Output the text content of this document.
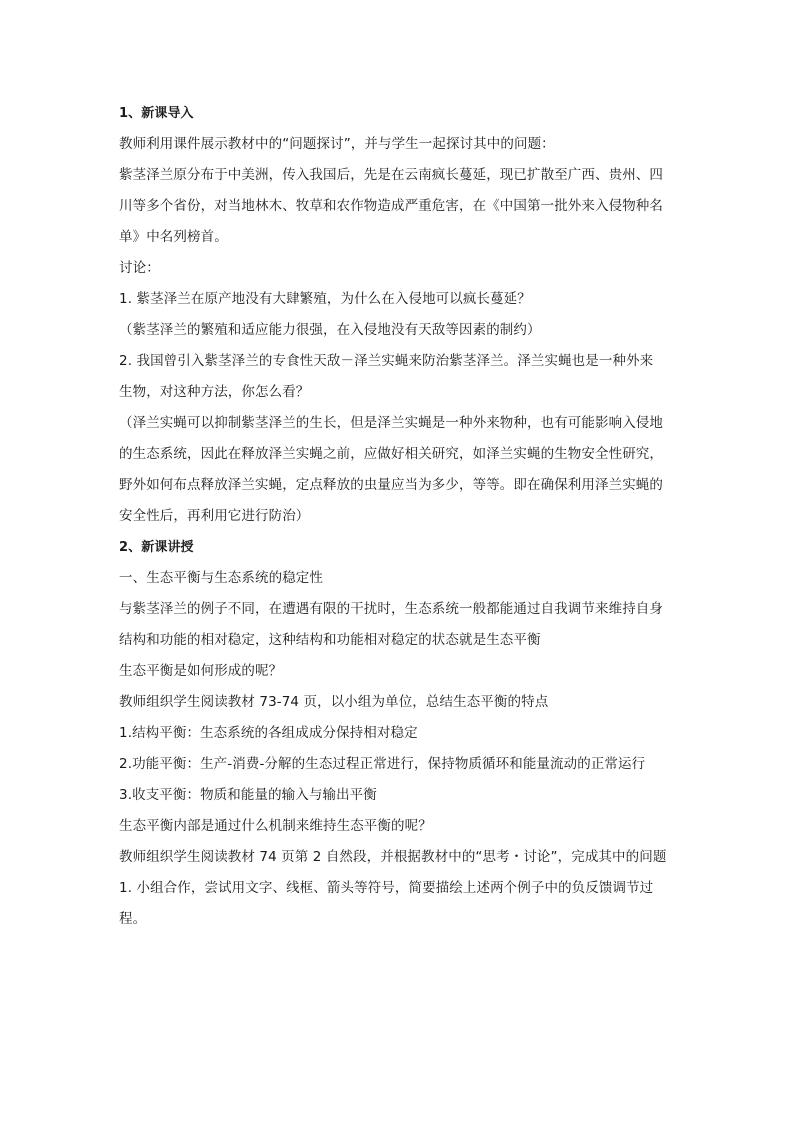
1、新课导入
教师利用课件展示教材中的“问题探讨”，并与学生一起探讨其中的问题：
紫茎泽兰原分布于中美洲，传入我国后，先是在云南疯长蔓延，现已扩散至广西、贵州、四
川等多个省份，对当地林木、牧草和农作物造成严重危害，在《中国第一批外来入侵物种名
单》中名列榜首。
讨论：
1. 紫茎泽兰在原产地没有大肆繁殖，为什么在入侵地可以疯长蔓延？
（紫茎泽兰的繁殖和适应能力很强，在入侵地没有天敌等因素的制约）
2. 我国曾引入紫茎泽兰的专食性天敌－泽兰实蝇来防治紫茎泽兰。泽兰实蝇也是一种外来
生物，对这种方法，你怎么看？
（泽兰实蝇可以抑制紫茎泽兰的生长，但是泽兰实蝇是一种外来物种，也有可能影响入侵地
的生态系统，因此在释放泽兰实蝇之前，应做好相关研究，如泽兰实蝇的生物安全性研究，
野外如何布点释放泽兰实蝇，定点释放的虫量应当为多少，等等。即在确保利用泽兰实蝇的
安全性后，再利用它进行防治）
2、新课讲授
一、生态平衡与生态系统的稳定性
与紫茎泽兰的例子不同，在遭遇有限的干扰时，生态系统一般都能通过自我调节来维持自身
结构和功能的相对稳定，这种结构和功能相对稳定的状态就是生态平衡
生态平衡是如何形成的呢？
教师组织学生阅读教材 73-74 页，以小组为单位，总结生态平衡的特点
1.结构平衡：生态系统的各组成成分保持相对稳定
2.功能平衡：生产-消费-分解的生态过程正常进行，保持物质循环和能量流动的正常运行
3.收支平衡：物质和能量的输入与输出平衡
生态平衡内部是通过什么机制来维持生态平衡的呢？
教师组织学生阅读教材 74 页第 2 自然段，并根据教材中的“思考・讨论”，完成其中的问题
1. 小组合作，尝试用文字、线框、箭头等符号，简要描绘上述两个例子中的负反馈调节过
程。
